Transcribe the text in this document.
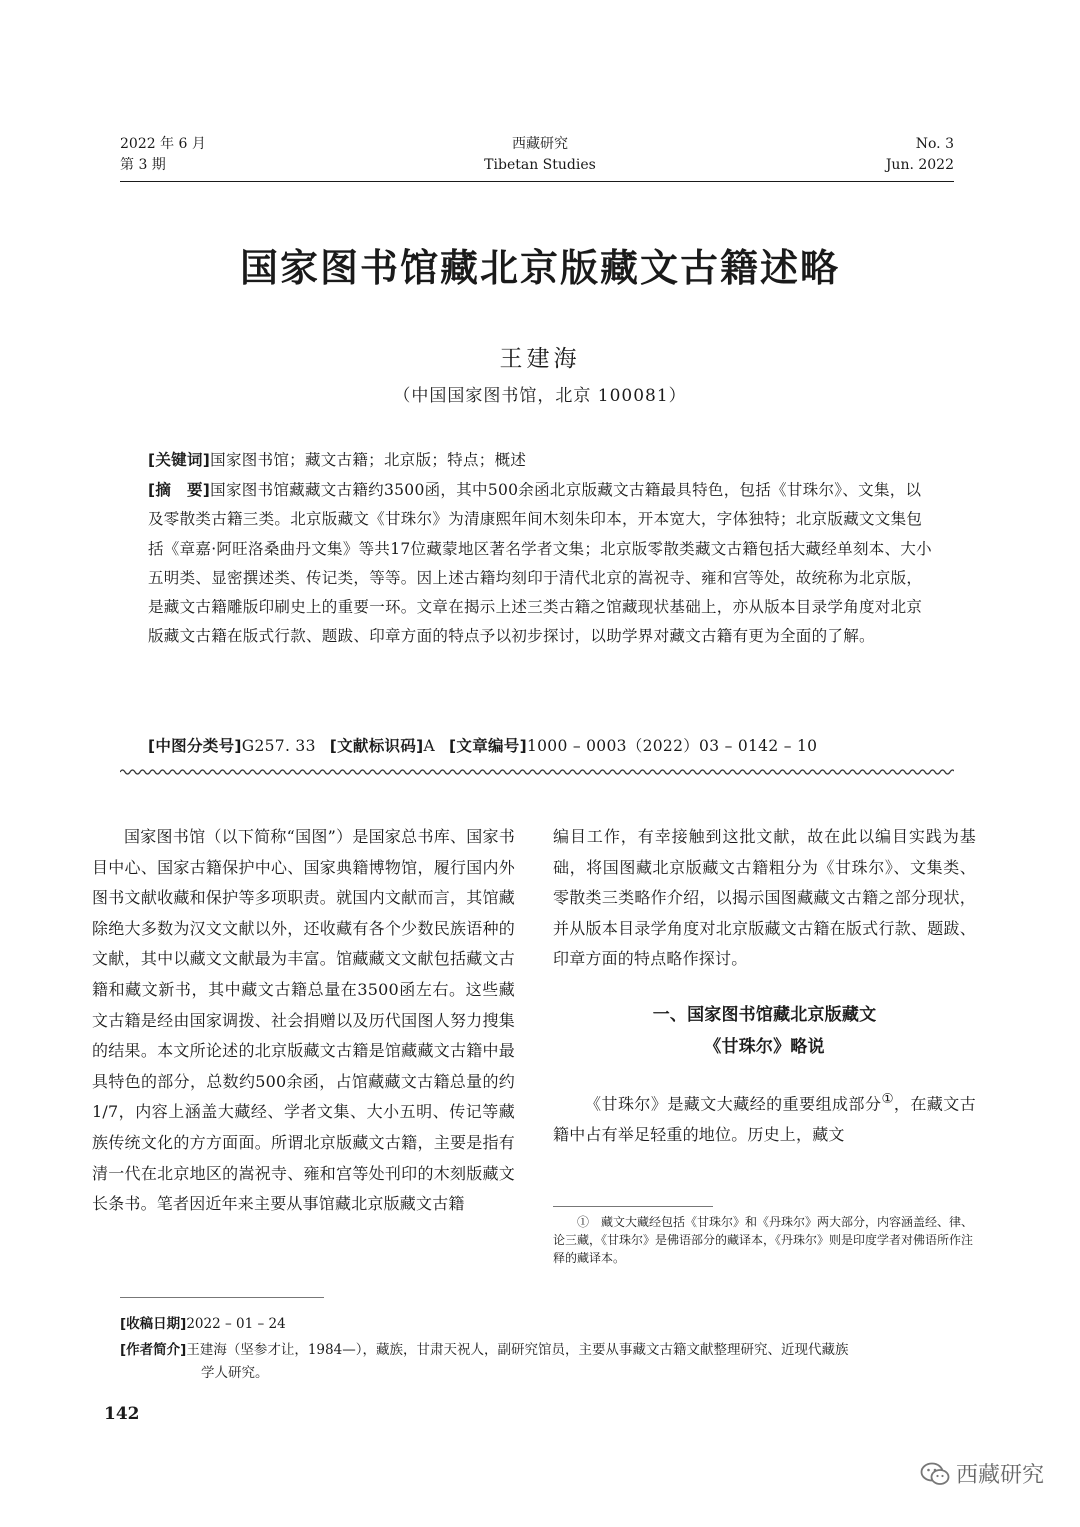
2022 年 6 月
第 3 期
西藏研究
Tibetan Studies
No. 3
Jun. 2022
国家图书馆藏北京版藏文古籍述略
王建海
（中国国家图书馆，北京 100081）
[关键词]国家图书馆；藏文古籍；北京版；特点；概述
[摘　要]国家图书馆藏藏文古籍约3500函，其中500余函北京版藏文古籍最具特色，包括《甘珠尔》、文集，以及零散类古籍三类。北京版藏文《甘珠尔》为清康熙年间木刻朱印本，开本宽大，字体独特；北京版藏文文集包括《章嘉·阿旺洛桑曲丹文集》等共17位藏蒙地区著名学者文集；北京版零散类藏文古籍包括大藏经单刻本、大小五明类、显密撰述类、传记类，等等。因上述古籍均刻印于清代北京的嵩祝寺、雍和宫等处，故统称为北京版，是藏文古籍雕版印刷史上的重要一环。文章在揭示上述三类古籍之馆藏现状基础上，亦从版本目录学角度对北京版藏文古籍在版式行款、题跋、印章方面的特点予以初步探讨，以助学界对藏文古籍有更为全面的了解。
[中图分类号]G257. 33 [文献标识码]A [文章编号]1000 – 0003（2022）03 – 0142 – 10

国家图书馆（以下简称“国图”）是国家总书库、国家书目中心、国家古籍保护中心、国家典籍博物馆，履行国内外图书文献收藏和保护等多项职责。就国内文献而言，其馆藏除绝大多数为汉文文献以外，还收藏有各个少数民族语种的文献，其中以藏文文献最为丰富。馆藏藏文文献包括藏文古籍和藏文新书，其中藏文古籍总量在3500函左右。这些藏文古籍是经由国家调拨、社会捐赠以及历代国图人努力搜集的结果。本文所论述的北京版藏文古籍是馆藏藏文古籍中最具特色的部分，总数约500余函，占馆藏藏文古籍总量的约1/7，内容上涵盖大藏经、学者文集、大小五明、传记等藏族传统文化的方方面面。所谓北京版藏文古籍，主要是指有清一代在北京地区的嵩祝寺、雍和宫等处刊印的木刻版藏文长条书。笔者因近年来主要从事馆藏北京版藏文古籍

编目工作，有幸接触到这批文献，故在此以编目实践为基础，将国图藏北京版藏文古籍粗分为《甘珠尔》、文集类、零散类三类略作介绍，以揭示国图藏藏文古籍之部分现状，并从版本目录学角度对北京版藏文古籍在版式行款、题跋、印章方面的特点略作探讨。

一、国家图书馆藏北京版藏文
《甘珠尔》略说

《甘珠尔》是藏文大藏经的重要组成部分①，在藏文古籍中占有举足轻重的地位。历史上，藏文

①　 藏文大藏经包括《甘珠尔》和《丹珠尔》两大部分，内容涵盖经、律、论三藏，《甘珠尔》是佛语部分的藏译本，《丹珠尔》则是印度学者对佛语所作注释的藏译本。

[收稿日期]2022 – 01 – 24
[作者简介]王建海（坚参才让，1984—），藏族，甘肃天祝人，副研究馆员，主要从事藏文古籍文献整理研究、近现代藏族
学人研究。
142
西藏研究
